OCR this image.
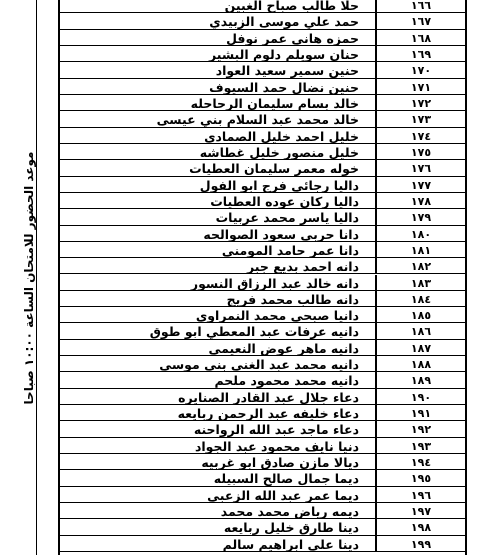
موعد الحضور للامتحان الساعة ١٠:٠٠ صباحا
حلا طالب صباح الغبين	١٦٦
حمد علي موسى الزبيدي	١٦٧
حمزه هاني عمر نوفل	١٦٨
حنان سويلم دلوم البشير	١٦٩
حنين سمير سعيد العواد	١٧٠
حنين نضال حمد السيوف	١٧١
خالد بسام سليمان الرحاحله	١٧٢
خالد محمد عبد السلام بني عيسى	١٧٣
خليل احمد خليل الصمادي	١٧٤
خليل منصور خليل غطاشه	١٧٥
خوله معمر سليمان العطيات	١٧٦
داليا رجائي فرج ابو الفول	١٧٧
داليا ركان عوده العطيات	١٧٨
داليا ياسر محمد عربيات	١٧٩
دانا حربي سعود الصوالحه	١٨٠
دانا عمر حامد المومني	١٨١
دانه احمد بديع جبر	١٨٢
دانه خالد عبد الرزاق النسور	١٨٣
دانه طالب محمد فريج	١٨٤
دانيا صبحي محمد النمراوي	١٨٥
دانيه عرفات عبد المعطي ابو طوق	١٨٦
دانيه ماهر عوض النعيمي	١٨٧
دانيه محمد عبد الغني بني موسى	١٨٨
دانيه محمد محمود ملحم	١٨٩
دعاء جلال عبد القادر الصنايره	١٩٠
دعاء خليفه عبد الرحمن ربايعه	١٩١
دعاء ماجد عبد الله الرواحنه	١٩٢
دنيا نايف محمود عبد الجواد	١٩٣
ديالا مازن صادق ابو غربيه	١٩٤
ديما جمال صالح السبيله	١٩٥
ديما عمر عبد الله الزعبي	١٩٦
ديمه رياض محمد محمد	١٩٧
دينا طارق خليل ربايعه	١٩٨
دينا علي ابراهيم سالم	١٩٩
